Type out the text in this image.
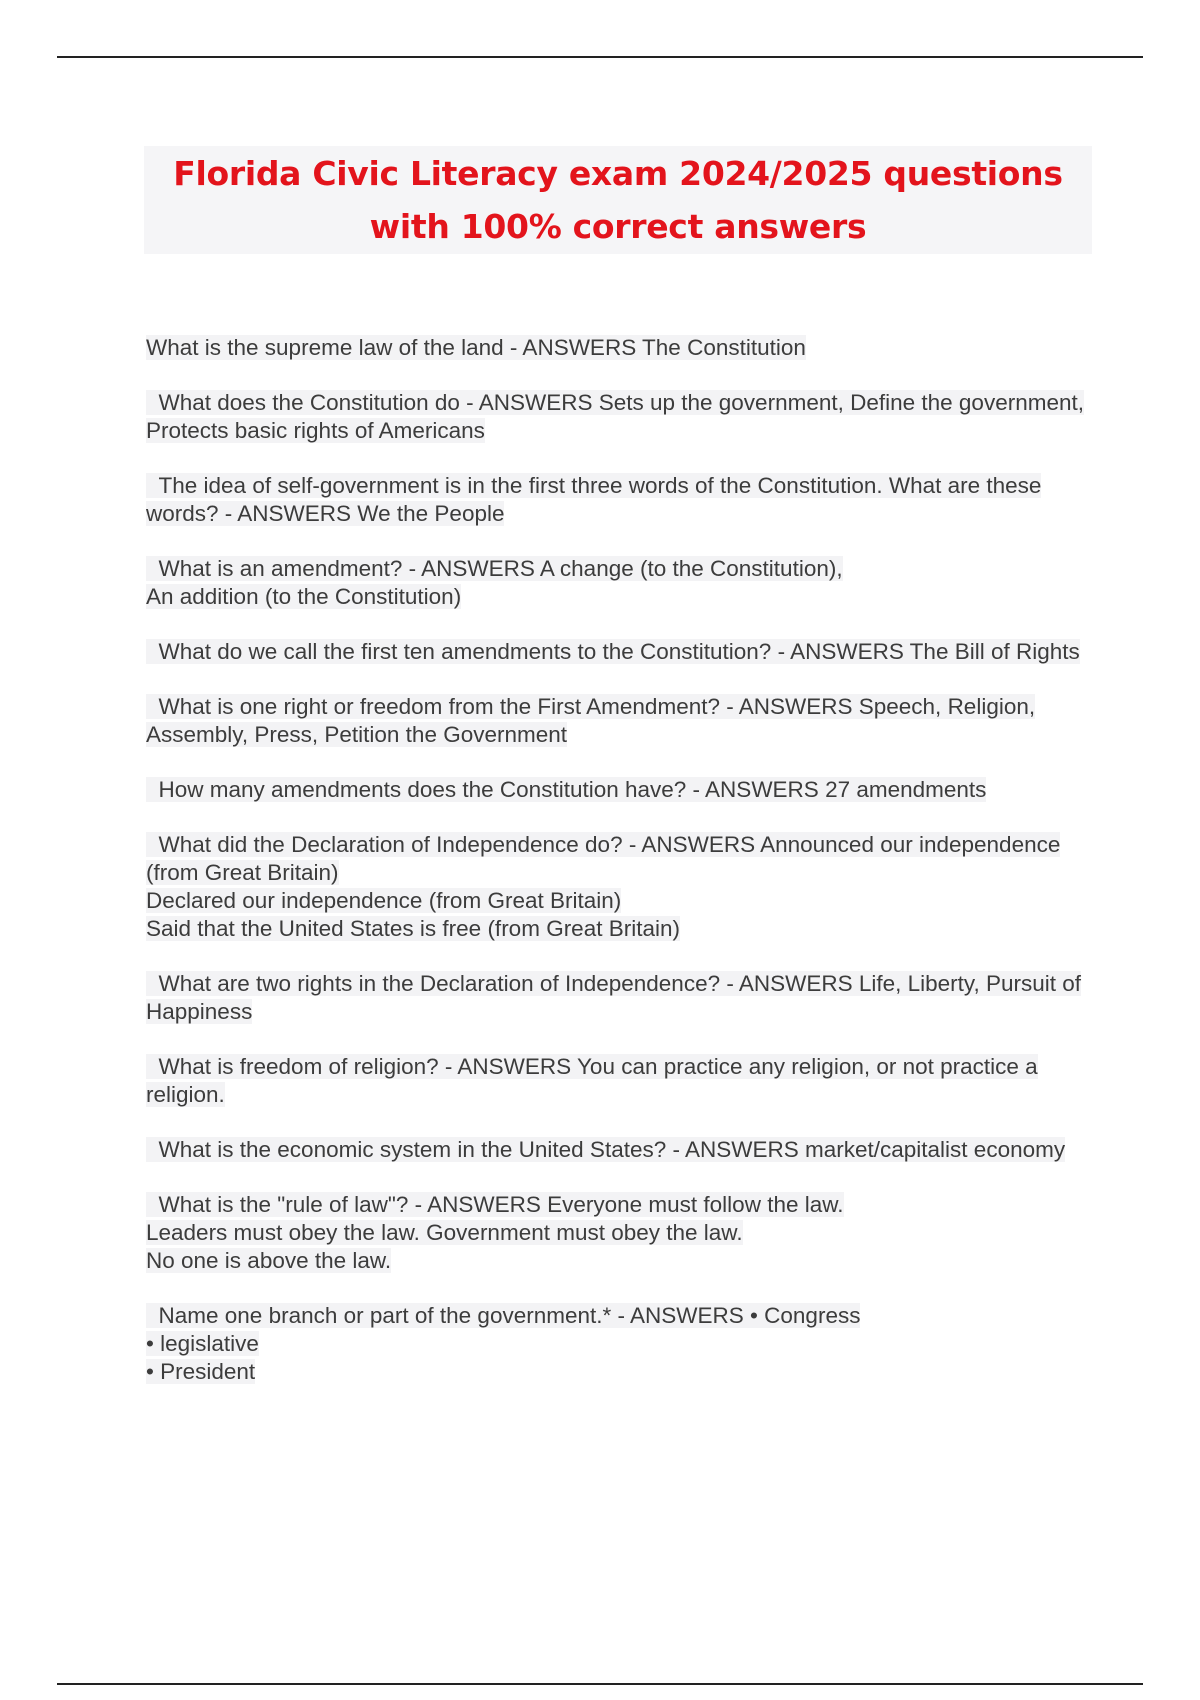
Florida Civic Literacy exam 2024/2025 questions
with 100% correct answers
What is the supreme law of the land - ANSWERS The Constitution
What does the Constitution do - ANSWERS Sets up the government, Define the government, Protects basic rights of Americans
The idea of self-government is in the first three words of the Constitution. What are these words? - ANSWERS We the People
What is an amendment? - ANSWERS A change (to the Constitution),
An addition (to the Constitution)
What do we call the first ten amendments to the Constitution? - ANSWERS The Bill of Rights
What is one right or freedom from the First Amendment? - ANSWERS Speech, Religion, Assembly, Press, Petition the Government
How many amendments does the Constitution have? - ANSWERS 27 amendments
What did the Declaration of Independence do? - ANSWERS Announced our independence (from Great Britain)
Declared our independence (from Great Britain)
Said that the United States is free (from Great Britain)
What are two rights in the Declaration of Independence? - ANSWERS Life, Liberty, Pursuit of Happiness
What is freedom of religion? - ANSWERS You can practice any religion, or not practice a religion.
What is the economic system in the United States? - ANSWERS market/capitalist economy
What is the "rule of law"? - ANSWERS Everyone must follow the law.
Leaders must obey the law. Government must obey the law.
No one is above the law.
Name one branch or part of the government.* - ANSWERS • Congress
• legislative
• President
